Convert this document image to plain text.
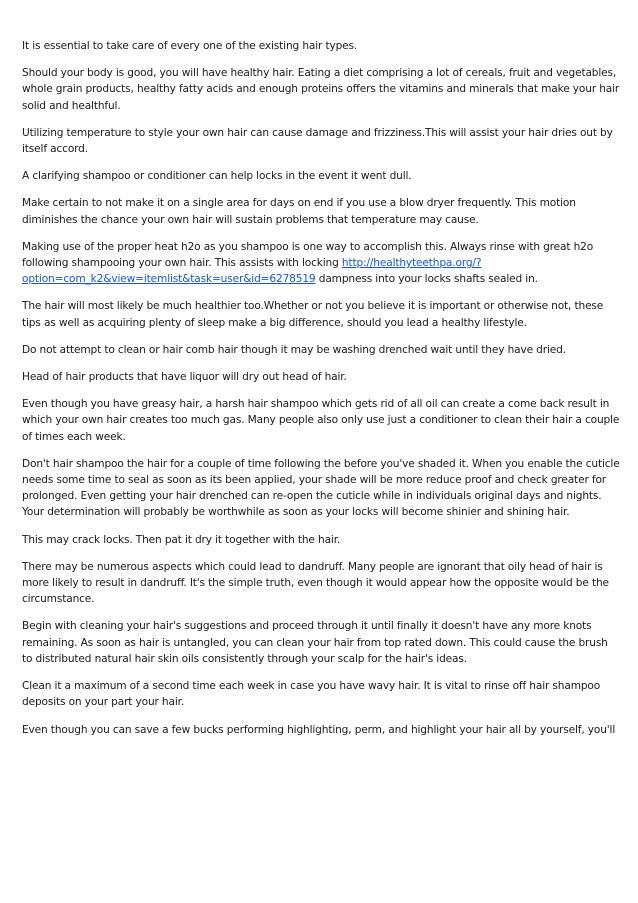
It is essential to take care of every one of the existing hair types.

Should your body is good, you will have healthy hair. Eating a diet comprising a lot of cereals, fruit and vegetables, whole grain products, healthy fatty acids and enough proteins offers the vitamins and minerals that make your hair solid and healthful.

Utilizing temperature to style your own hair can cause damage and frizziness.This will assist your hair dries out by itself accord.

A clarifying shampoo or conditioner can help locks in the event it went dull.

Make certain to not make it on a single area for days on end if you use a blow dryer frequently. This motion diminishes the chance your own hair will sustain problems that temperature may cause.

Making use of the proper heat h2o as you shampoo is one way to accomplish this. Always rinse with great h2o following shampooing your own hair. This assists with locking http://healthyteethpa.org/?option=com_k2&view=itemlist&task=user&id=6278519 dampness into your locks shafts sealed in.

The hair will most likely be much healthier too.Whether or not you believe it is important or otherwise not, these tips as well as acquiring plenty of sleep make a big difference, should you lead a healthy lifestyle.

Do not attempt to clean or hair comb hair though it may be washing drenched wait until they have dried.

Head of hair products that have liquor will dry out head of hair.

Even though you have greasy hair, a harsh hair shampoo which gets rid of all oil can create a come back result in which your own hair creates too much gas. Many people also only use just a conditioner to clean their hair a couple of times each week.

Don't hair shampoo the hair for a couple of time following the before you've shaded it. When you enable the cuticle needs some time to seal as soon as its been applied, your shade will be more reduce proof and check greater for prolonged. Even getting your hair drenched can re-open the cuticle while in individuals original days and nights. Your determination will probably be worthwhile as soon as your locks will become shinier and shining hair.

This may crack locks. Then pat it dry it together with the hair.

There may be numerous aspects which could lead to dandruff. Many people are ignorant that oily head of hair is more likely to result in dandruff. It's the simple truth, even though it would appear how the opposite would be the circumstance.

Begin with cleaning your hair's suggestions and proceed through it until finally it doesn't have any more knots remaining. As soon as hair is untangled, you can clean your hair from top rated down. This could cause the brush to distributed natural hair skin oils consistently through your scalp for the hair's ideas.

Clean it a maximum of a second time each week in case you have wavy hair. It is vital to rinse off hair shampoo deposits on your part your hair.

Even though you can save a few bucks performing highlighting, perm, and highlight your hair all by yourself, you'll
